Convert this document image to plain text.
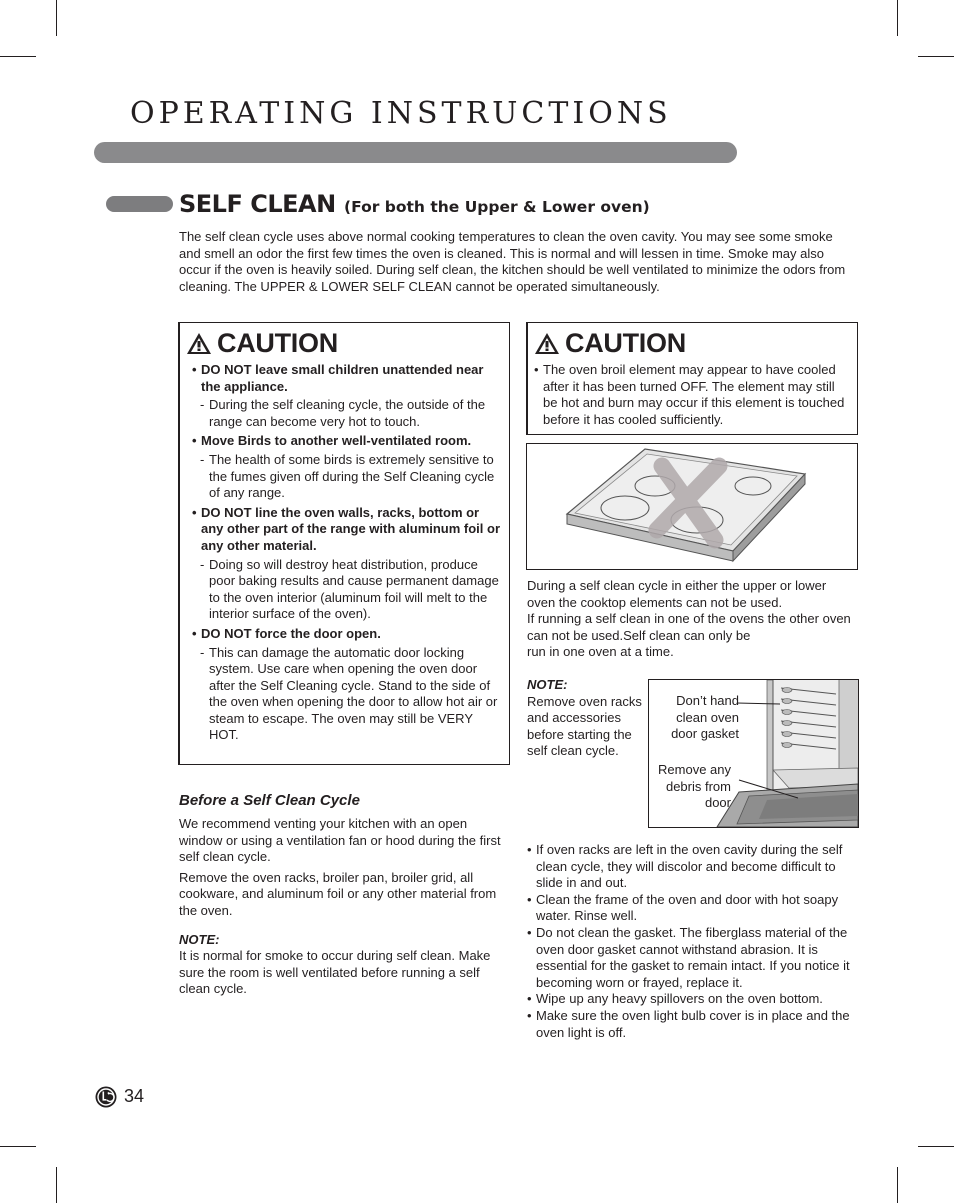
OPERATING INSTRUCTIONS
SELF CLEAN (For both the Upper & Lower oven)

The self clean cycle uses above normal cooking temperatures to clean the oven cavity. You may see some smoke and smell an odor the first few times the oven is cleaned. This is normal and will lessen in time. Smoke may also occur if the oven is heavily soiled. During self clean, the kitchen should be well ventilated to minimize the odors from cleaning. The UPPER & LOWER SELF CLEAN cannot be operated simultaneously.

CAUTION

• DO NOT leave small children unattended near the appliance.

- During the self cleaning cycle, the outside of the range can become very hot to touch.

• Move Birds to another well-ventilated room.

- The health of some birds is extremely sensitive to the fumes given off during the Self Cleaning cycle of any range.

• DO NOT line the oven walls, racks, bottom or any other part of the range with aluminum foil or any other material.

- Doing so will destroy heat distribution, produce poor baking results and cause permanent damage to the oven interior (aluminum foil will melt to the interior surface of the oven).

• DO NOT force the door open.

- This can damage the automatic door locking system. Use care when opening the oven door after the Self Cleaning cycle. Stand to the side of the oven when opening the door to allow hot air or steam to escape. The oven may still be VERY HOT.

Before a Self Clean Cycle

We recommend venting your kitchen with an open window or using a ventilation fan or hood during the first self clean cycle.

Remove the oven racks, broiler pan, broiler grid, all cookware, and aluminum foil or any other material from the oven.

NOTE:

It is normal for smoke to occur during self clean. Make sure the room is well ventilated before running a self clean cycle.

CAUTION

• The oven broil element may appear to have cooled after it has been turned OFF. The element may still be hot and burn may occur if this element is touched before it has cooled sufficiently.

During a self clean cycle in either the upper or lower oven the cooktop elements can not be used.

If running a self clean in one of the ovens the other oven can not be used.Self clean can only be

run in one oven at a time.

NOTE:

Remove oven racks and accessories before starting the self clean cycle.

Don’t hand clean oven door gasket

Remove any debris from door

• If oven racks are left in the oven cavity during the self clean cycle, they will discolor and become difficult to slide in and out.

• Clean the frame of the oven and door with hot soapy water. Rinse well.

• Do not clean the gasket. The fiberglass material of the oven door gasket cannot withstand abrasion. It is essential for the gasket to remain intact. If you notice it becoming worn or frayed, replace it.

• Wipe up any heavy spillovers on the oven bottom.

• Make sure the oven light bulb cover is in place and the oven light is off.

34
